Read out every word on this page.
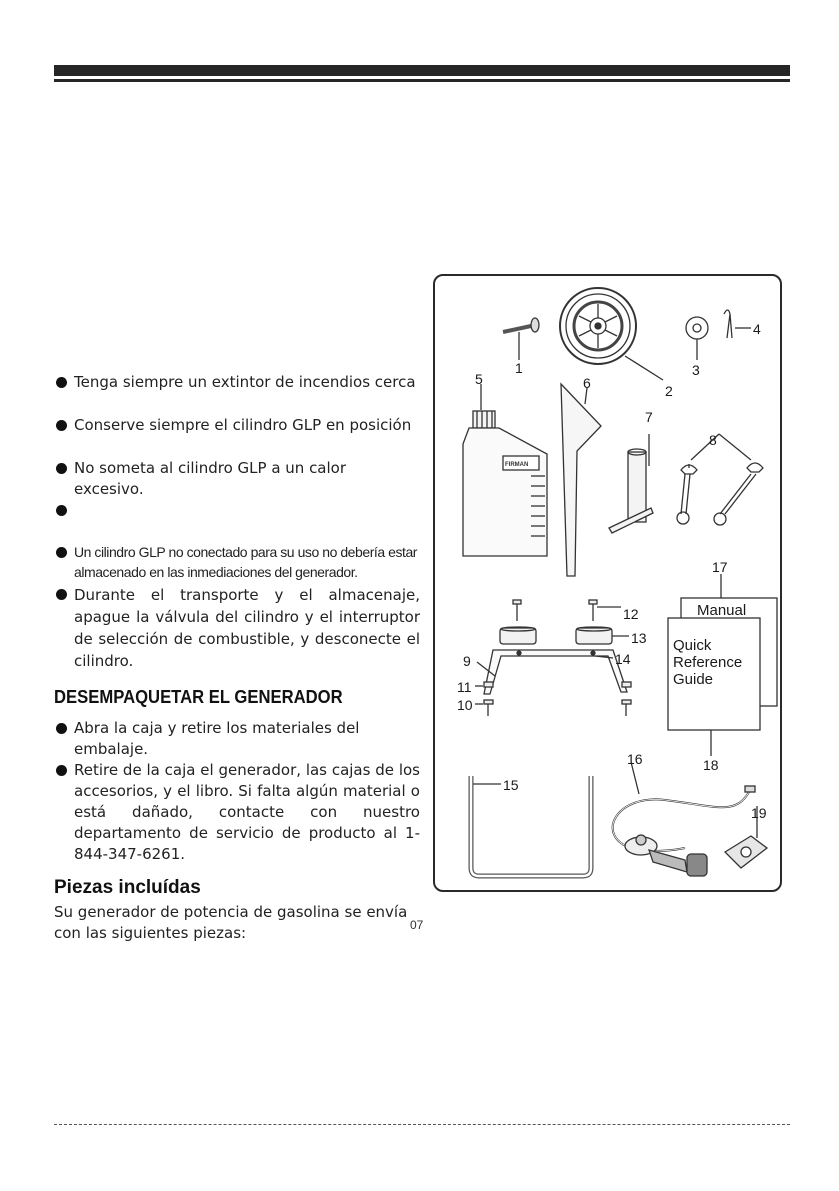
Tenga siempre un extintor de incendios cerca
Conserve siempre el cilindro GLP en posición
No someta al cilindro GLP a un calor excesivo.
Un cilindro GLP no conectado para su uso no debería estar almacenado en las inmediaciones del generador.
Durante el transporte y el almacenaje, apague la válvula del cilindro y el interruptor de selección de combustible, y desconecte el cilindro.
DESEMPAQUETAR EL GENERADOR
Abra la caja y retire los materiales del embalaje.
Retire de la caja el generador, las cajas de los accesorios, y el libro. Si falta algún material o está dañado, contacte con nuestro departamento de servicio de producto al 1-844-347-6261.
Piezas incluídas
Su generador de potencia de gasolina se envía con las siguientes piezas:
1
2
3
4
5	6
7
8
9
10
11
12
13
14
15
16
17
18
19
FIRMAN
Manual
Quick
Reference
Guide
07
